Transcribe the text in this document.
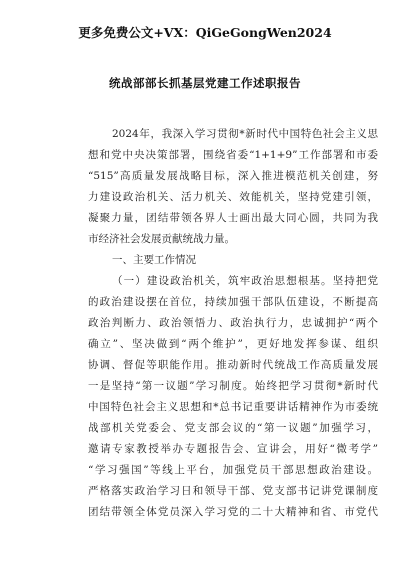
更多免费公文+VX：QiGeGongWen2024
统战部部长抓基层党建工作述职报告
2024年，我深入学习贯彻*新时代中国特色社会主义思
想和党中央决策部署，围绕省委“1+1+9”工作部署和市委
“515”高质量发展战略目标，深入推进模范机关创建，努
力建设政治机关、活力机关、效能机关，坚持党建引领，
凝聚力量，团结带领各界人士画出最大同心圆，共同为我
市经济社会发展贡献统战力量。
一、主要工作情况
（一）建设政治机关，筑牢政治思想根基。坚持把党
的政治建设摆在首位，持续加强干部队伍建设，不断提高
政治判断力、政治领悟力、政治执行力，忠诚拥护“两个
确立”、坚决做到“两个维护”，更好地发挥参谋、组织
协调、督促等职能作用。推动新时代统战工作高质量发展
一是坚持“第一议题”学习制度。始终把学习贯彻*新时代
中国特色社会主义思想和*总书记重要讲话精神作为市委统
战部机关党委会、党支部会议的“第一议题”加强学习，
邀请专家教授举办专题报告会、宣讲会，用好“微考学”
“学习强国”等线上平台，加强党员干部思想政治建设。
严格落实政治学习日和领导干部、党支部书记讲党课制度
团结带领全体党员深入学习党的二十大精神和省、市党代
